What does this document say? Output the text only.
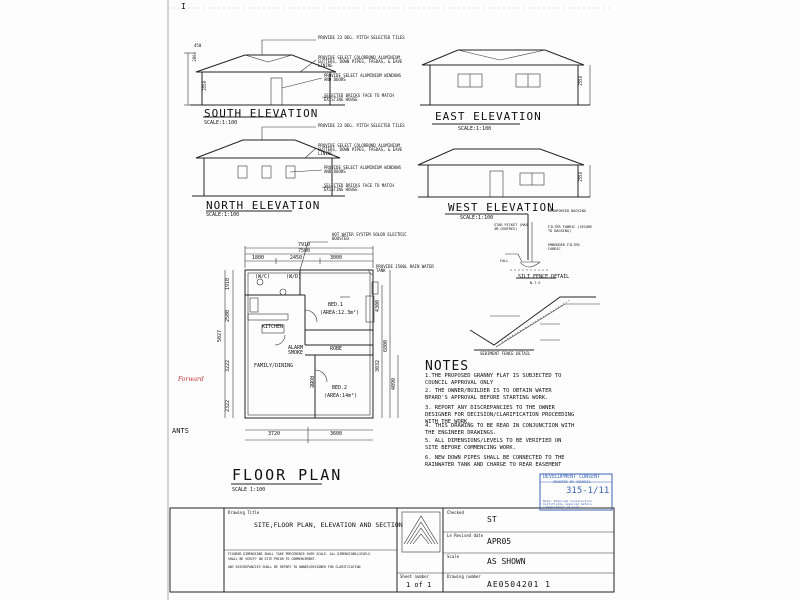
I
2800
2550
450
PROVIDE 23 DEG. PITCH SELECTED TILES
PROVIDE SELECT COLORBOND ALUMINIUM GUTTERS, DOWN PIPES, FASDAS, & EAVE LINING
PROVIDE SELECT ALUMINIUM WINDOWS AND DOORS
SELECTED BRICKS FACE TO MATCH EXISTING HOUSE
SOUTH ELEVATION
SCALE:1:100
2550
EAST ELEVATION
SCALE:1:100
PROVIDE 23 DEG. PITCH SELECTED TILES
PROVIDE SELECT COLORBOND ALUMINIUM GUTTERS, DOWN PIPES, FASDAS, & EAVE LINING
PROVIDE SELECT ALUMINIUM WINDOWS AND DOORS
SELECTED BRICKS FACE TO MATCH EXISTING HOUSE
NORTH ELEVATION
SCALE:1:100
2550
WEST ELEVATION
SCALE:1:100
REINFORCED BACKING
STAR PICKET (MAX 3M CENTRES)	FILTER FABRIC (SECURE TO BACKING)
EMBEDDED FILTER FABRIC
FALL
SILT FENCE DETAIL
N.T.S
SEDIMENT FENCE DETAIL
HOT WATER SYSTEM SOLOR ELECTRIC BOOSTED
PROVIDE 1500L RAIN WATER TANK
7910
7500
1800	2450	3000
3720	3600
1910
2500
3222
5027
2322
4300
3032
6800
4090
(W/C)	(W/D)
BED.1
(AREA:12.3m²)
KITCHEN
ROBE
ALARM SMOKE
FAMILY/DINING
ROBE	BED.2
(AREA:14m²)
Forward
ANTS
FLOOR PLAN
SCALE 1:100
NOTES
1.THE PROPOSED GRANNY FLAT IS SUBJECTED TO COUNCIL APPROVAL ONLY
2. THE OWNER/BUILDER IS TO OBTAIN WATER BPARD'S APPROVAL BEFORE STARTING WORK.
3. REPORT ANY DISCREPANCIES TO THE OWNER DESIGNER FOR DECISION/CLARIFICATION PROCEEDING WITH THE WORK.
4. THIS DRAWING TO BE READ IN CONJUNCTION WITH THE ENGINEER DRAWINGS.
5. ALL DIMENSIONS/LEVELS TO BE VERIFIED ON SITE BEFORE COMMENCING WORK.
6. NEW DOWN PIPES SHALL BE CONNECTED TO THE RAINWATER TANK AND CHARGE TO REAR EASEMENT
DEVELOPMENT CONSENT
GRANTED BY COUNCIL
315-1/11
Note: Endorsed Construction Certificate required before commencement of work
Drawing Title
SITE,FLOOR PLAN, ELEVATION AND SECTION
FIGURED DIMENSIONS SHALL TAKE PRECEDENCE OVER SCALE. ALL DIMENSIONS/LEVELS
SHALL BE VERIFY ON SITE PRIOR TO COMMENCEMENT.
ANY DISCREPANCIES SHALL BE REPORT TO OWNER/DESIGNER FOR CLARIFICATION
Checked
ST
Le Revised date
APR05
Scale
AS SHOWN
Sheet number
1 of 1
Drawing number
AE0504201 1
